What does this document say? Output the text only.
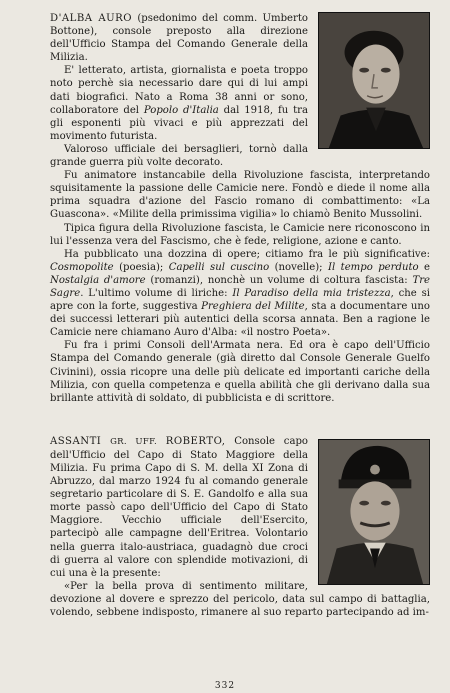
D'ALBA AURO (psedonimo del comm. Umberto Bottone), console preposto alla direzione dell'Ufficio Stampa del Comando Generale della Milizia.

E' letterato, artista, giornalista e poeta troppo noto perchè sia necessario dare qui di lui ampi dati biografici. Nato a Roma 38 anni or sono, collaboratore del Popolo d'Italia dal 1918, fu tra gli esponenti più vivaci e più apprezzati del movimento futurista.

Valoroso ufficiale dei bersaglieri, tornò dalla grande guerra più volte decorato.

Fu animatore instancabile della Rivoluzione fascista, interpretando squisitamente la passione delle Camicie nere. Fondò e diede il nome alla prima squadra d'azione del Fascio romano di combattimento: «La Guascona». «Milite della primissima vigilia» lo chiamò Benito Mussolini.

Tipica figura della Rivoluzione fascista, le Camicie nere riconoscono in lui l'essenza vera del Fascismo, che è fede, religione, azione e canto.

Ha pubblicato una dozzina di opere; citiamo fra le più significative: Cosmopolite (poesia); Capelli sul cuscino (novelle); Il tempo perduto e Nostalgia d'amore (romanzi), nonchè un volume di coltura fascista: Tre Sagre. L'ultimo volume di liriche: Il Paradiso della mia tristezza, che si apre con la forte, suggestiva Preghiera del Milite, sta a documentare uno dei successi letterari più autentici della scorsa annata. Ben a ragione le Camicie nere chiamano Auro d'Alba: «il nostro Poeta».

Fu fra i primi Consoli dell'Armata nera. Ed ora è capo dell'Ufficio Stampa del Comando generale (già diretto dal Console Generale Guelfo Civinini), ossia ricopre una delle più delicate ed importanti cariche della Milizia, con quella competenza e quella abilità che gli derivano dalla sua brillante attività di soldato, di pubblicista e di scrittore.

ASSANTI GR. UFF. ROBERTO, Console capo dell'Ufficio del Capo di Stato Maggiore della Milizia. Fu prima Capo di S. M. della XI Zona di Abruzzo, dal marzo 1924 fu al comando generale segretario particolare di S. E. Gandolfo e alla sua morte passò capo dell'Ufficio del Capo di Stato Maggiore. Vecchio ufficiale dell'Esercito, partecipò alle campagne dell'Eritrea. Volontario nella guerra italo-austriaca, guadagnò due croci di guerra al valore con splendide motivazioni, di cui una è la presente:

«Per la bella prova di sentimento militare, devozione al dovere e sprezzo del pericolo, data sul campo di battaglia, volendo, sebbene indisposto, rimanere al suo reparto partecipando ad im-

332
